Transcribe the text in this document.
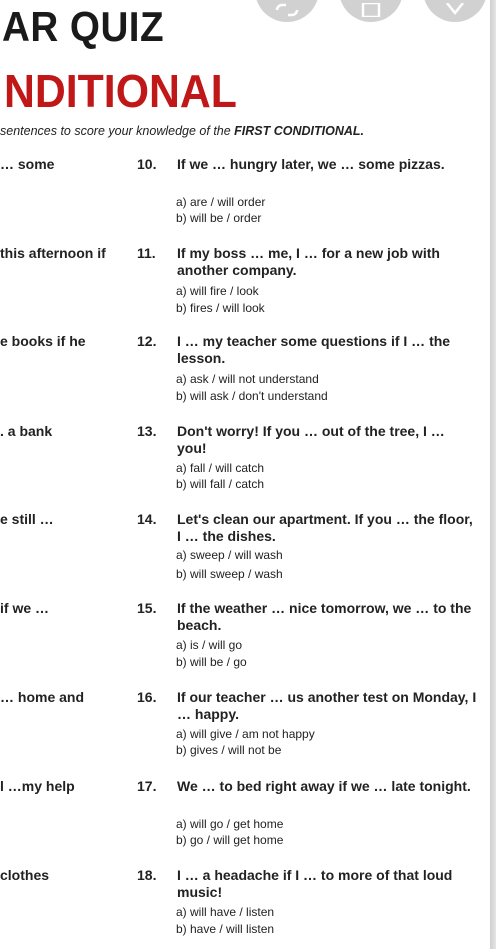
AR QUIZ
NDITIONAL
sentences to score your knowledge of the FIRST CONDITIONAL.
… some
this afternoon if
e books if he
. a bank
e still …
if we …
… home and
l …my help
clothes
10. If we … hungry later, we … some pizzas.
a) are / will order
b) will be / order
11. If my boss … me, I … for a new job with another company.
a) will fire / look
b) fires / will look
12. I … my teacher some questions if I … the lesson.
a) ask / will not understand
b) will ask / don't understand
13. Don't worry! If you … out of the tree, I … you!
a) fall / will catch
b) will fall / catch
14. Let's clean our apartment. If you … the floor, I … the dishes.
a) sweep / will wash
b) will sweep / wash
15. If the weather … nice tomorrow, we … to the beach.
a) is / will go
b) will be / go
16. If our teacher … us another test on Monday, I … happy.
a) will give / am not happy
b) gives / will not be
17. We … to bed right away if we … late tonight.
a) will go / get home
b) go / will get home
18. I … a headache if I … to more of that loud music!
a) will have / listen
b) have / will listen
